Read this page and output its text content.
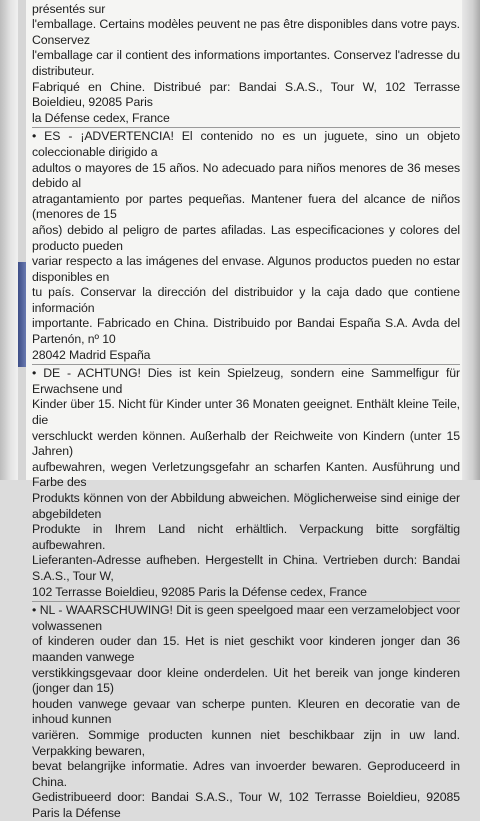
présentés sur
l'emballage. Certains modèles peuvent ne pas être disponibles dans votre pays. Conservez
l'emballage car il contient des informations importantes. Conservez l'adresse du distributeur.
Fabriqué en Chine. Distribué par: Bandai S.A.S., Tour W, 102 Terrasse Boieldieu, 92085 Paris
la Défense cedex, France
• ES - ¡ADVERTENCIA! El contenido no es un juguete, sino un objeto coleccionable dirigido a
adultos o mayores de 15 años. No adecuado para niños menores de 36 meses debido al
atragantamiento por partes pequeñas. Mantener fuera del alcance de niños (menores de 15
años) debido al peligro de partes afiladas. Las especificaciones y colores del producto pueden
variar respecto a las imágenes del envase. Algunos productos pueden no estar disponibles en
tu país. Conservar la dirección del distribuidor y la caja dado que contiene información
importante. Fabricado en China. Distribuido por Bandai España S.A. Avda del Partenón, nº 10
28042 Madrid España
• DE - ACHTUNG! Dies ist kein Spielzeug, sondern eine Sammelfigur für Erwachsene und
Kinder über 15. Nicht für Kinder unter 36 Monaten geeignet. Enthält kleine Teile, die
verschluckt werden können. Außerhalb der Reichweite von Kindern (unter 15 Jahren)
aufbewahren, wegen Verletzungsgefahr an scharfen Kanten. Ausführung und Farbe des
Produkts können von der Abbildung abweichen. Möglicherweise sind einige der abgebildeten
Produkte in Ihrem Land nicht erhältlich. Verpackung bitte sorgfältig aufbewahren.
Lieferanten-Adresse aufheben. Hergestellt in China. Vertrieben durch: Bandai S.A.S., Tour W,
102 Terrasse Boieldieu, 92085 Paris la Défense cedex, France
• NL - WAARSCHUWING! Dit is geen speelgoed maar een verzamelobject voor volwassenen
of kinderen ouder dan 15. Het is niet geschikt voor kinderen jonger dan 36 maanden vanwege
verstikkingsgevaar door kleine onderdelen. Uit het bereik van jonge kinderen (jonger dan 15)
houden vanwege gevaar van scherpe punten. Kleuren en decoratie van de inhoud kunnen
variëren. Sommige producten kunnen niet beschikbaar zijn in uw land. Verpakking bewaren,
bevat belangrijke informatie. Adres van invoerder bewaren. Geproduceerd in China.
Gedistribueerd door: Bandai S.A.S., Tour W, 102 Terrasse Boieldieu, 92085 Paris la Défense
